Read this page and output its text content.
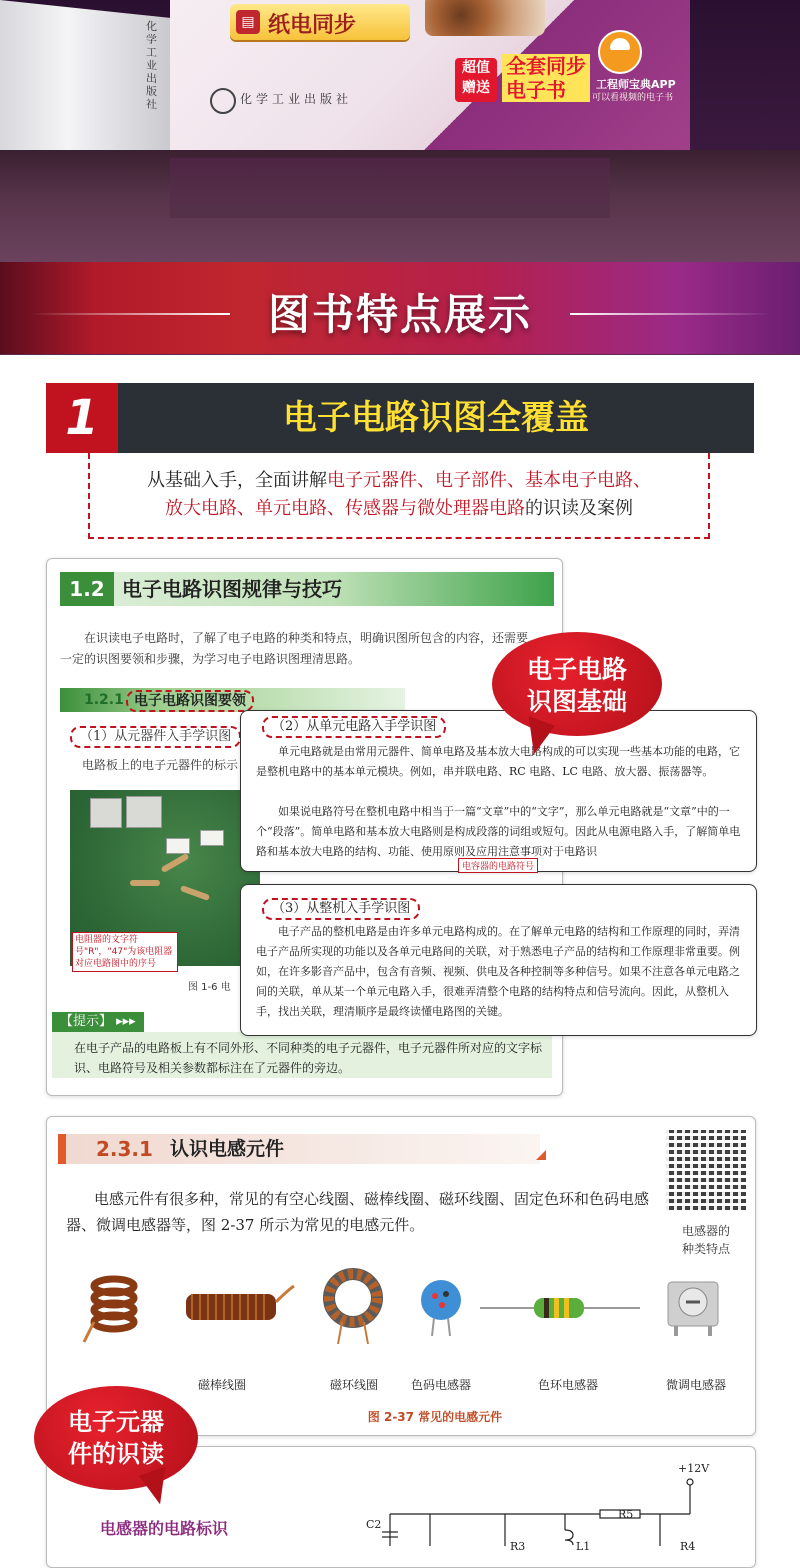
化学工业出版社	化学工业出版社
▤ 纸电同步
超值
赠送
全套同步
电子书	工程师宝典APP
可以看视频的电子书
图书特点展示
1	电子电路识图全覆盖
从基础入手，全面讲解电子元器件、电子部件、基本电子电路、
放大电路、单元电路、传感器与微处理器电路的识读及案例
1.2 电子电路识图规律与技巧
在识读电子电路时，了解了电子电路的种类和特点，明确识图所包含的内容，还需要一定的识图要领和步骤，为学习电子电路识图理清思路。
1.2.1 电子电路识图要领
（1）从元器件入手学识图
电路板上的电子元器件的标示
电阻器的文字符号"R"，"47"为该电阻器对应电路图中的序号
图 1-6 电
【提示】 ▸▸▸
在电子产品的电路板上有不同外形、不同种类的电子元器件，电子元器件所对应的文字标识、电路符号及相关参数都标注在了元器件的旁边。
（2）从单元电路入手学识图
单元电路就是由常用元器件、简单电路及基本放大电路构成的可以实现一些基本功能的电路，它是整机电路中的基本单元模块。例如，串并联电路、RC 电路、LC 电路、放大器、振荡器等。
如果说电路符号在整机电路中相当于一篇“文章”中的“文字”，那么单元电路就是“文章”中的一个“段落”。简单电路和基本放大电路则是构成段落的词组或短句。因此从电源电路入手，了解简单电路和基本放大电路的结构、功能、使用原则及应用注意事项对于电路识
电容器的电路符号
（3）从整机入手学识图
电子产品的整机电路是由许多单元电路构成的。在了解单元电路的结构和工作原理的同时，弄清电子产品所实现的功能以及各单元电路间的关联，对于熟悉电子产品的结构和工作原理非常重要。例如，在许多影音产品中，包含有音频、视频、供电及各种控制等多种信号。如果不注意各单元电路之间的关联，单从某一个单元电路入手，很难弄清整个电路的结构特点和信号流向。因此，从整机入手，找出关联，理清顺序是最终读懂电路图的关键。
电子电路
识图基础
2.3.1 认识电感元件
电感元件有很多种，常见的有空心线圈、磁棒线圈、磁环线圈、固定色环和色码电感器、微调电感器等，图 2-37 所示为常见的电感元件。	电感器的
种类特点
磁棒线圈	磁环线圈	色码电感器	色环电感器	微调电感器
图 2-37 常见的电感元件
电感器的电路标识
+12V
C2
R5
L1
R3	R4
电子元器
件的识读
